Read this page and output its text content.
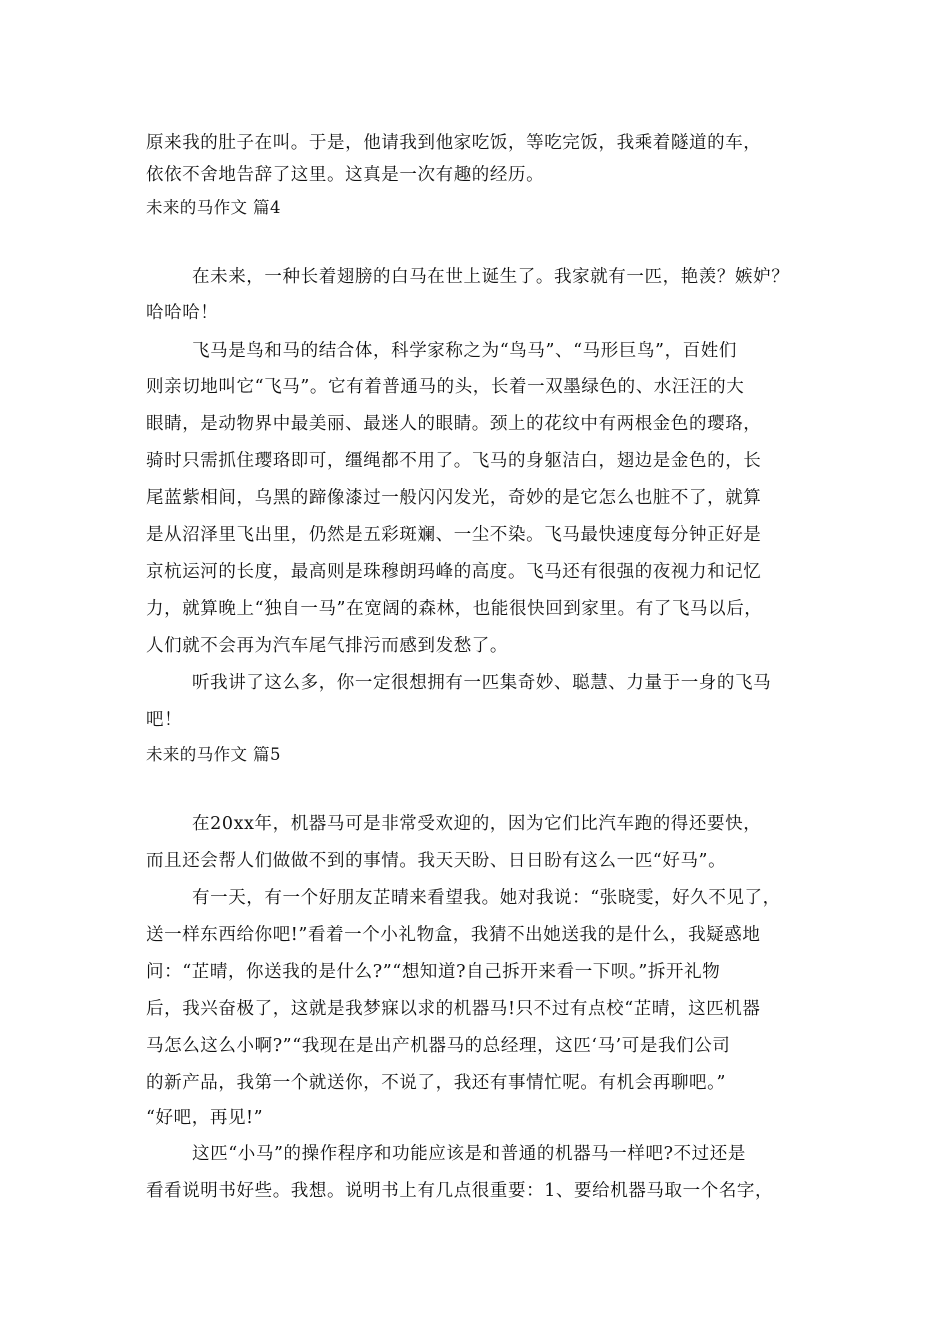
原来我的肚子在叫。于是，他请我到他家吃饭，等吃完饭，我乘着隧道的车，
依依不舍地告辞了这里。这真是一次有趣的经历。
未来的马作文 篇4
在未来，一种长着翅膀的白马在世上诞生了。我家就有一匹，艳羡？嫉妒？
哈哈哈！
飞马是鸟和马的结合体，科学家称之为“鸟马”、“马形巨鸟”，百姓们
则亲切地叫它“飞马”。它有着普通马的头，长着一双墨绿色的、水汪汪的大
眼睛，是动物界中最美丽、最迷人的眼睛。颈上的花纹中有两根金色的璎珞，
骑时只需抓住璎珞即可，缰绳都不用了。飞马的身躯洁白，翅边是金色的，长
尾蓝紫相间，乌黑的蹄像漆过一般闪闪发光，奇妙的是它怎么也脏不了，就算
是从沼泽里飞出里，仍然是五彩斑斓、一尘不染。飞马最快速度每分钟正好是
京杭运河的长度，最高则是珠穆朗玛峰的高度。飞马还有很强的夜视力和记忆
力，就算晚上“独自一马”在宽阔的森林，也能很快回到家里。有了飞马以后，
人们就不会再为汽车尾气排污而感到发愁了。
听我讲了这么多，你一定很想拥有一匹集奇妙、聪慧、力量于一身的飞马
吧！
未来的马作文 篇5
在20xx年，机器马可是非常受欢迎的，因为它们比汽车跑的得还要快，
而且还会帮人们做做不到的事情。我天天盼、日日盼有这么一匹“好马”。
有一天，有一个好朋友芷晴来看望我。她对我说：“张晓雯，好久不见了，
送一样东西给你吧!”看着一个小礼物盒，我猜不出她送我的是什么，我疑惑地
问：“芷晴，你送我的是什么?”“想知道?自己拆开来看一下呗。”拆开礼物
后，我兴奋极了，这就是我梦寐以求的机器马!只不过有点校“芷晴，这匹机器
马怎么这么小啊?”“我现在是出产机器马的总经理，这匹‘马’可是我们公司
的新产品，我第一个就送你，不说了，我还有事情忙呢。有机会再聊吧。”
“好吧，再见!”
这匹“小马”的操作程序和功能应该是和普通的机器马一样吧?不过还是
看看说明书好些。我想。说明书上有几点很重要：1、要给机器马取一个名字，
